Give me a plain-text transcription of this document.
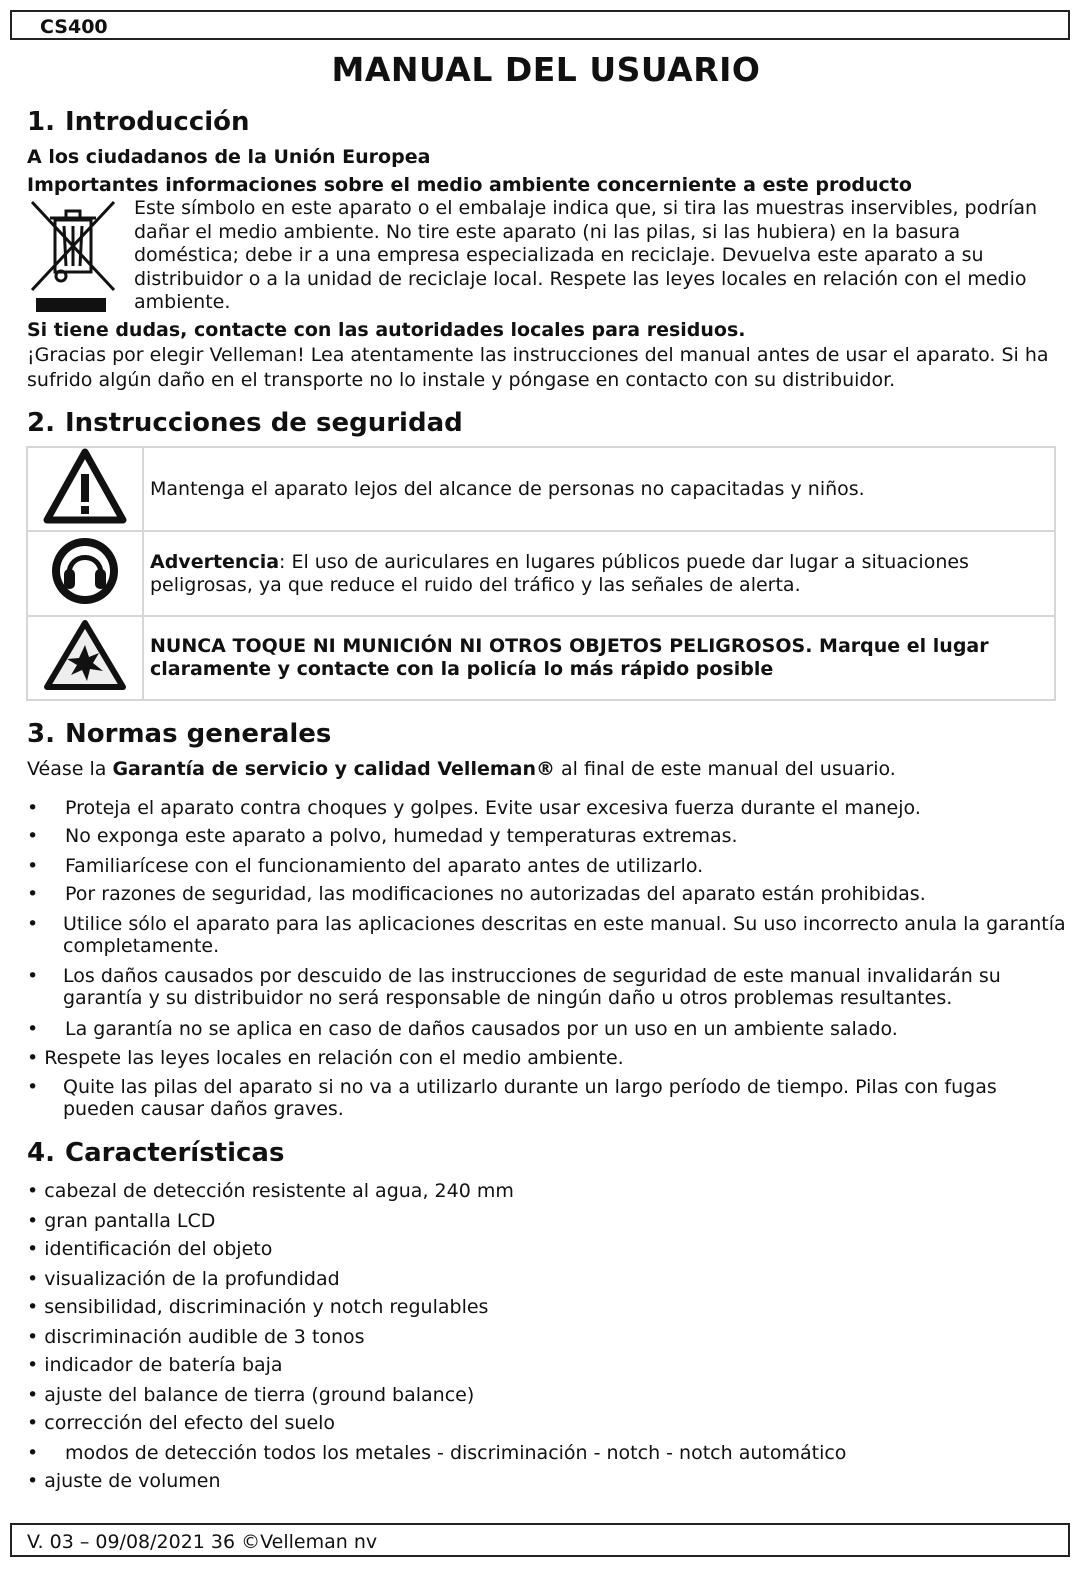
CS400
MANUAL DEL USUARIO
1. Introducción
A los ciudadanos de la Unión Europea
Importantes informaciones sobre el medio ambiente concerniente a este producto
Este símbolo en este aparato o el embalaje indica que, si tira las muestras inservibles, podrían dañar el medio ambiente. No tire este aparato (ni las pilas, si las hubiera) en la basura doméstica; debe ir a una empresa especializada en reciclaje. Devuelva este aparato a su distribuidor o a la unidad de reciclaje local. Respete las leyes locales en relación con el medio ambiente.
Si tiene dudas, contacte con las autoridades locales para residuos.
¡Gracias por elegir Velleman! Lea atentamente las instrucciones del manual antes de usar el aparato. Si ha sufrido algún daño en el transporte no lo instale y póngase en contacto con su distribuidor.
2. Instrucciones de seguridad
	Mantenga el aparato lejos del alcance de personas no capacitadas y niños.
	Advertencia: El uso de auriculares en lugares públicos puede dar lugar a situaciones peligrosas, ya que reduce el ruido del tráfico y las señales de alerta.
	NUNCA TOQUE NI MUNICIÓN NI OTROS OBJETOS PELIGROSOS. Marque el lugar claramente y contacte con la policía lo más rápido posible
3. Normas generales
Véase la Garantía de servicio y calidad Velleman® al final de este manual del usuario.
•	Proteja el aparato contra choques y golpes. Evite usar excesiva fuerza durante el manejo.
•	No exponga este aparato a polvo, humedad y temperaturas extremas.
•	Familiarícese con el funcionamiento del aparato antes de utilizarlo.
•	Por razones de seguridad, las modificaciones no autorizadas del aparato están prohibidas.
•	Utilice sólo el aparato para las aplicaciones descritas en este manual. Su uso incorrecto anula la garantía completamente.
•	Los daños causados por descuido de las instrucciones de seguridad de este manual invalidarán su garantía y su distribuidor no será responsable de ningún daño u otros problemas resultantes.
•	La garantía no se aplica en caso de daños causados por un uso en un ambiente salado.
• Respete las leyes locales en relación con el medio ambiente.
•	Quite las pilas del aparato si no va a utilizarlo durante un largo período de tiempo. Pilas con fugas pueden causar daños graves.
4. Características
• cabezal de detección resistente al agua, 240 mm
• gran pantalla LCD
• identificación del objeto
• visualización de la profundidad
• sensibilidad, discriminación y notch regulables
• discriminación audible de 3 tonos
• indicador de batería baja
• ajuste del balance de tierra (ground balance)
• corrección del efecto del suelo
•	modos de detección todos los metales - discriminación - notch - notch automático
• ajuste de volumen
V. 03 – 09/08/2021 36 ©Velleman nv
